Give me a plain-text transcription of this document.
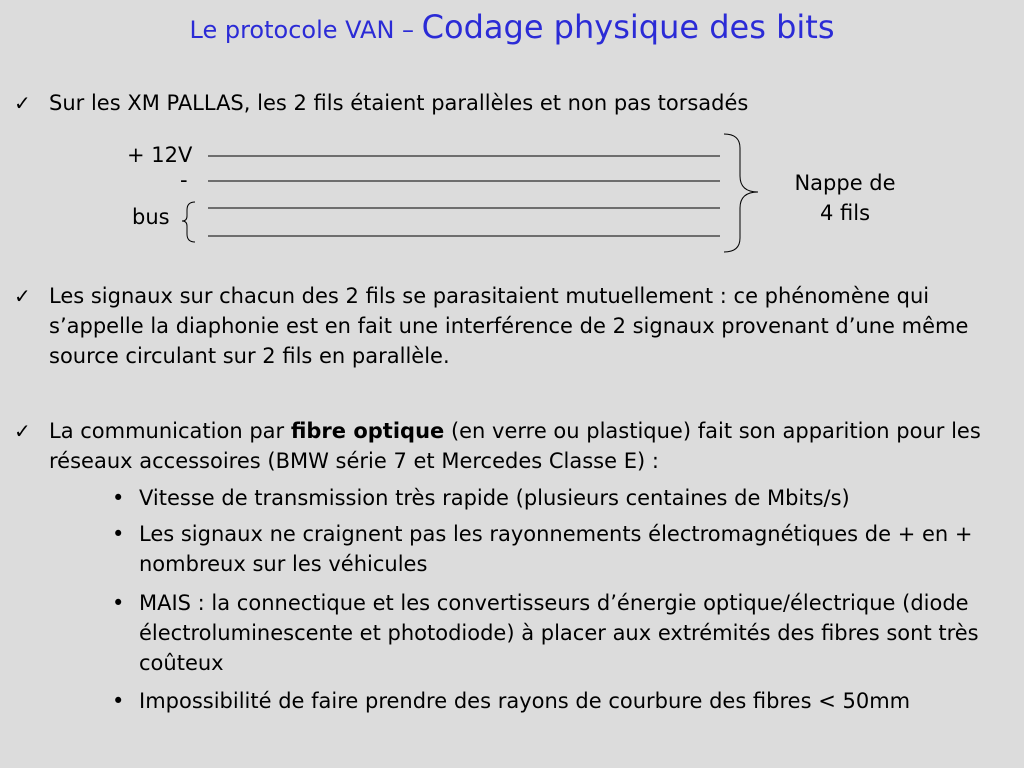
Le protocole VAN – Codage physique des bits
✓ Sur les XM PALLAS, les 2 fils étaient parallèles et non pas torsadés
+ 12V
-
bus
Nappe de
4 fils
✓ Les signaux sur chacun des 2 fils se parasitaient mutuellement : ce phénomène qui s’appelle la diaphonie est en fait une interférence de 2 signaux provenant d’une même source circulant sur 2 fils en parallèle.
✓ La communication par fibre optique (en verre ou plastique) fait son apparition pour les réseaux accessoires (BMW série 7 et Mercedes Classe E) :
• Vitesse de transmission très rapide (plusieurs centaines de Mbits/s)
• Les signaux ne craignent pas les rayonnements électromagnétiques de + en + nombreux sur les véhicules
• MAIS : la connectique et les convertisseurs d’énergie optique/électrique (diode électroluminescente et photodiode) à placer aux extrémités des fibres sont très coûteux
• Impossibilité de faire prendre des rayons de courbure des fibres < 50mm
